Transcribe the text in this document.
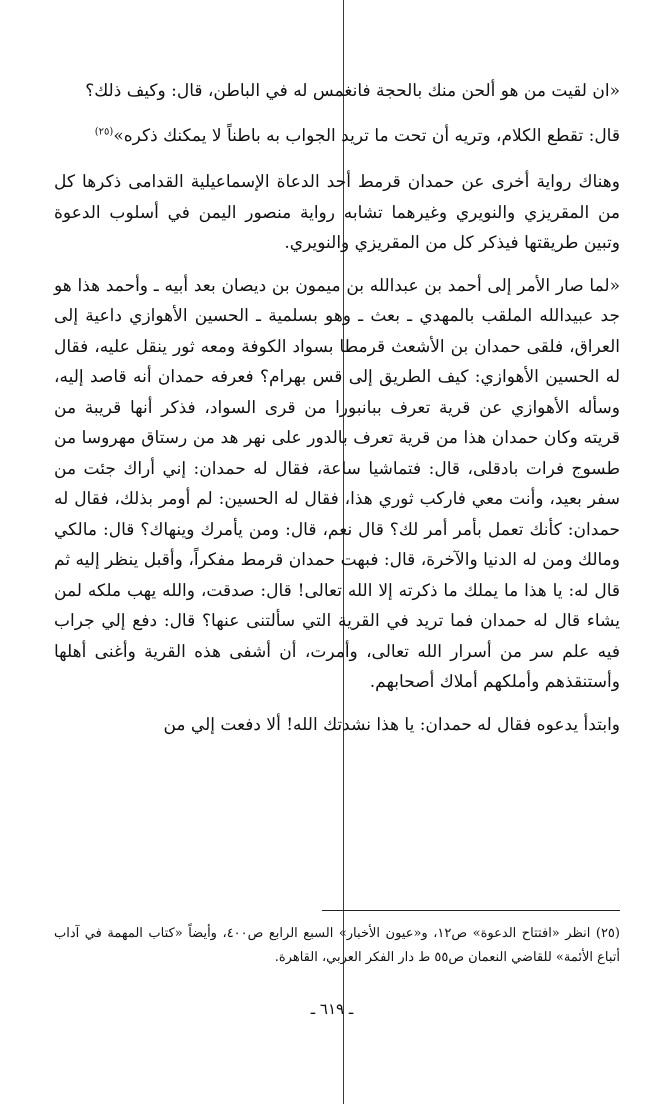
«ان لقيت من هو ألحن منك بالحجة فانغمس له في الباطن، قال: وكيف ذلك؟

قال: تقطع الكلام، وتريه أن تحت ما تريد الجواب به باطناً لا يمكنك ذكره»$^{(٢٥)}$

وهناك رواية أخرى عن حمدان قرمط أحد الدعاة الإسماعيلية القدامى ذكرها كل من المقريزي والنويري وغيرهما تشابه رواية منصور اليمن في أسلوب الدعوة وتبين طريقتها فيذكر كل من المقريزي والنويري.

«لما صار الأمر إلى أحمد بن عبدالله بن ميمون بن ديصان بعد أبيه ـ وأحمد هذا هو جد عبيدالله الملقب بالمهدي ـ بعث ـ وهو بسلمية ـ الحسين الأهوازي داعية إلى العراق، فلقى حمدان بن الأشعث قرمطا بسواد الكوفة ومعه ثور ينقل عليه، فقال له الحسين الأهوازي: كيف الطريق إلى قس بهرام؟ فعرفه حمدان أنه قاصد إليه، وسأله الأهوازي عن قرية تعرف ببانبورا من قرى السواد، فذكر أنها قريبة من قريته وكان حمدان هذا من قرية تعرف بالدور على نهر هد من رستاق مهروسا من طسوج فرات بادقلى، قال: فتماشيا ساعة، فقال له حمدان: إني أراك جئت من سفر بعيد، وأنت معي فاركب ثوري هذا، فقال له الحسين: لم أومر بذلك، فقال له حمدان: كأنك تعمل بأمر أمر لك؟ قال نعم، قال: ومن يأمرك وينهاك؟ قال: مالكي ومالك ومن له الدنيا والآخرة، قال: فبهت حمدان قرمط مفكراً، وأقبل ينظر إليه ثم قال له: يا هذا ما يملك ما ذكرته إلا الله تعالى! قال: صدقت، والله يهب ملكه لمن يشاء قال له حمدان فما تريد في القرية التي سألتنى عنها؟ قال: دفع إلي جراب فيه علم سر من أسرار الله تعالى، وأمرت، أن أشفى هذه القرية وأغنى أهلها وأستنقذهم وأملكهم أملاك أصحابهم.

وابتدأ يدعوه فقال له حمدان: يا هذا نشدتك الله! ألا دفعت إلي من

(٢٥) انظر «افتتاح الدعوة» ص١٢، و«عيون الأخبار» السبع الرابع ص٤٠٠، وأيضاً «كتاب المهمة في آداب أتباع الأئمة» للقاضي النعمان ص٥٥ ط دار الفكر العربي، القاهرة.
ـ ٦١٩ ـ
